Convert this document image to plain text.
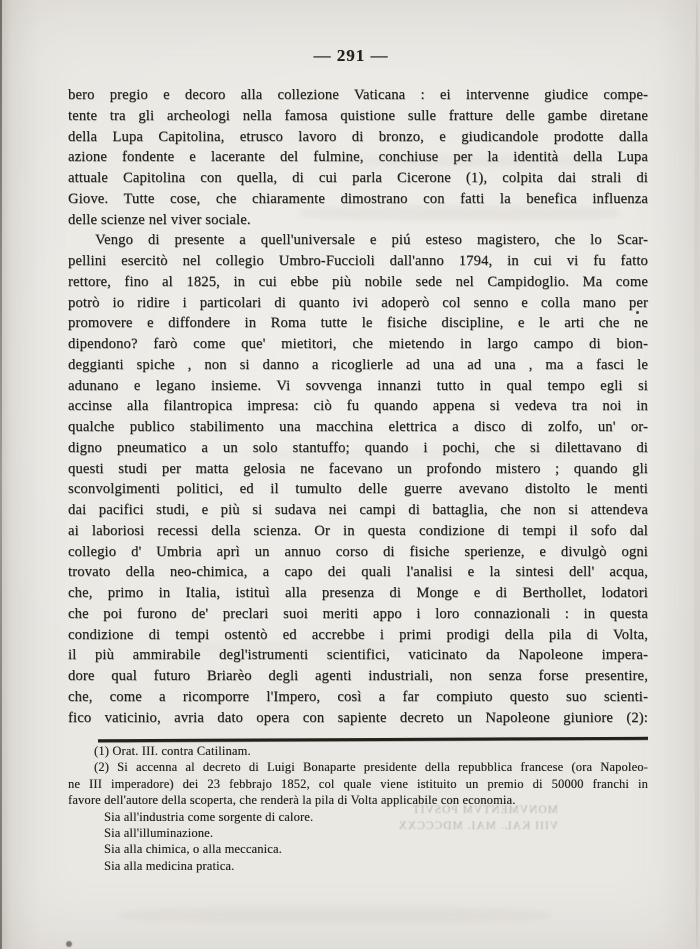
— 291 —
bero pregio e decoro alla collezione Vaticana : ei intervenne giudice compe-
tente tra gli archeologi nella famosa quistione sulle fratture delle gambe diretane
della Lupa Capitolina, etrusco lavoro di bronzo, e giudicandole prodotte dalla
azione fondente e lacerante del fulmine, conchiuse per la identità della Lupa
attuale Capitolina con quella, di cui parla Cicerone (1), colpita dai strali di
Giove. Tutte cose, che chiaramente dimostrano con fatti la benefica influenza
delle scienze nel viver sociale.
Vengo di presente a quell'universale e piú esteso magistero, che lo Scar-
pellini esercitò nel collegio Umbro-Fuccioli dall'anno 1794, in cui vi fu fatto
rettore, fino al 1825, in cui ebbe più nobile sede nel Campidoglio. Ma come
potrò io ridire i particolari di quanto ivi adoperò col senno e colla mano per
promovere e diffondere in Roma tutte le fisiche discipline, e le arti che ne
dipendono? farò come que' mietitori, che mietendo in largo campo di bion-
deggianti spiche , non si danno a ricoglierle ad una ad una , ma a fasci le
adunano e legano insieme. Vi sovvenga innanzi tutto in qual tempo egli si
accinse alla filantropica impresa: ciò fu quando appena si vedeva tra noi in
qualche publico stabilimento una macchina elettrica a disco di zolfo, un' or-
digno pneumatico a un solo stantuffo; quando i pochi, che si dilettavano di
questi studi per matta gelosia ne facevano un profondo mistero ; quando gli
sconvolgimenti politici, ed il tumulto delle guerre avevano distolto le menti
dai pacifici studi, e più si sudava nei campi di battaglia, che non si attendeva
ai laboriosi recessi della scienza. Or in questa condizione di tempi il sofo dal
collegio d' Umbria aprì un annuo corso di fisiche sperienze, e divulgò ogni
trovato della neo-chimica, a capo dei quali l'analisi e la sintesi dell' acqua,
che, primo in Italia, istituì alla presenza di Monge e di Berthollet, lodatori
che poi furono de' preclari suoi meriti appo i loro connazionali : in questa
condizione di tempi ostentò ed accrebbe i primi prodigi della pila di Volta,
il più ammirabile degl'istrumenti scientifici, vaticinato da Napoleone impera-
dore qual futuro Briarèo degli agenti industriali, non senza forse presentire,
che, come a ricomporre l'Impero, così a far compiuto questo suo scienti-
fico vaticinio, avria dato opera con sapiente decreto un Napoleone giuniore (2):
(1) Orat. III. contra Catilinam.
(2) Si accenna al decreto di Luigi Bonaparte presidente della repubblica francese (ora Napoleo-
ne III imperadore) dei 23 febbrajo 1852, col quale viene istituito un premio di 50000 franchi in
favore dell'autore della scoperta, che renderà la pila di Volta applicabile con economia.
Sia all'industria come sorgente di calore.
Sia all'illuminazione.
Sia alla chimica, o alla meccanica.
Sia alla medicina pratica.
MONVMENTVM POSVIT
VIII KAL. MAI. MDCCCXX
